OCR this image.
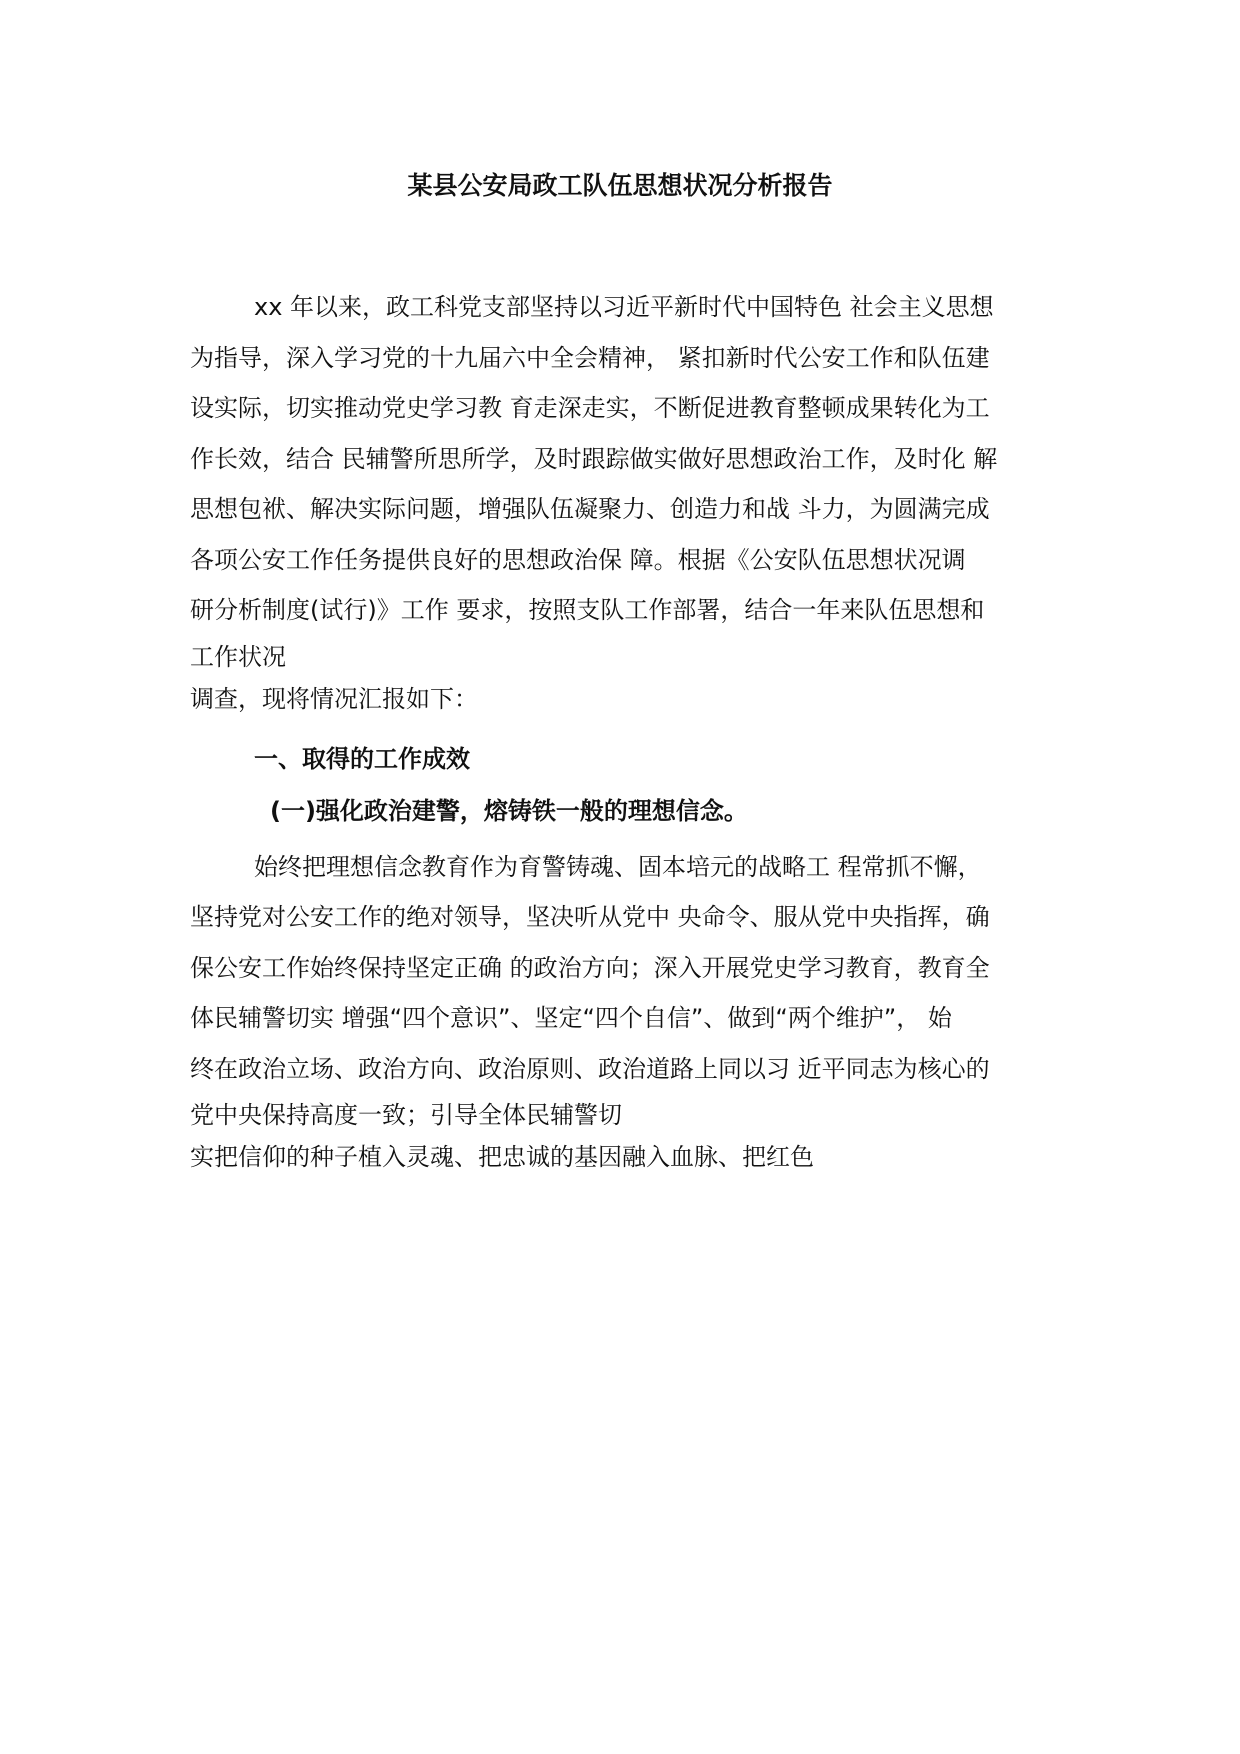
某县公安局政工队伍思想状况分析报告

xx 年以来，政工科党支部坚持以习近平新时代中国特色 社会主义思想

为指导，深入学习党的十九届六中全会精神， 紧扣新时代公安工作和队伍建

设实际，切实推动党史学习教 育走深走实，不断促进教育整顿成果转化为工

作长效，结合 民辅警所思所学，及时跟踪做实做好思想政治工作，及时化 解

思想包袱、解决实际问题，增强队伍凝聚力、创造力和战 斗力，为圆满完成

各项公安工作任务提供良好的思想政治保 障。根据《公安队伍思想状况调

研分析制度(试行)》工作 要求，按照支队工作部署，结合一年来队伍思想和

工作状况

调查，现将情况汇报如下：

一、取得的工作成效
(一)强化政治建警，熔铸铁一般的理想信念。

始终把理想信念教育作为育警铸魂、固本培元的战略工 程常抓不懈，

坚持党对公安工作的绝对领导，坚决听从党中 央命令、服从党中央指挥，确

保公安工作始终保持坚定正确 的政治方向；深入开展党史学习教育，教育全

体民辅警切实 增强“四个意识”、坚定“四个自信”、做到“两个维护”， 始

终在政治立场、政治方向、政治原则、政治道路上同以习 近平同志为核心的

党中央保持高度一致；引导全体民辅警切

实把信仰的种子植入灵魂、把忠诚的基因融入血脉、把红色
